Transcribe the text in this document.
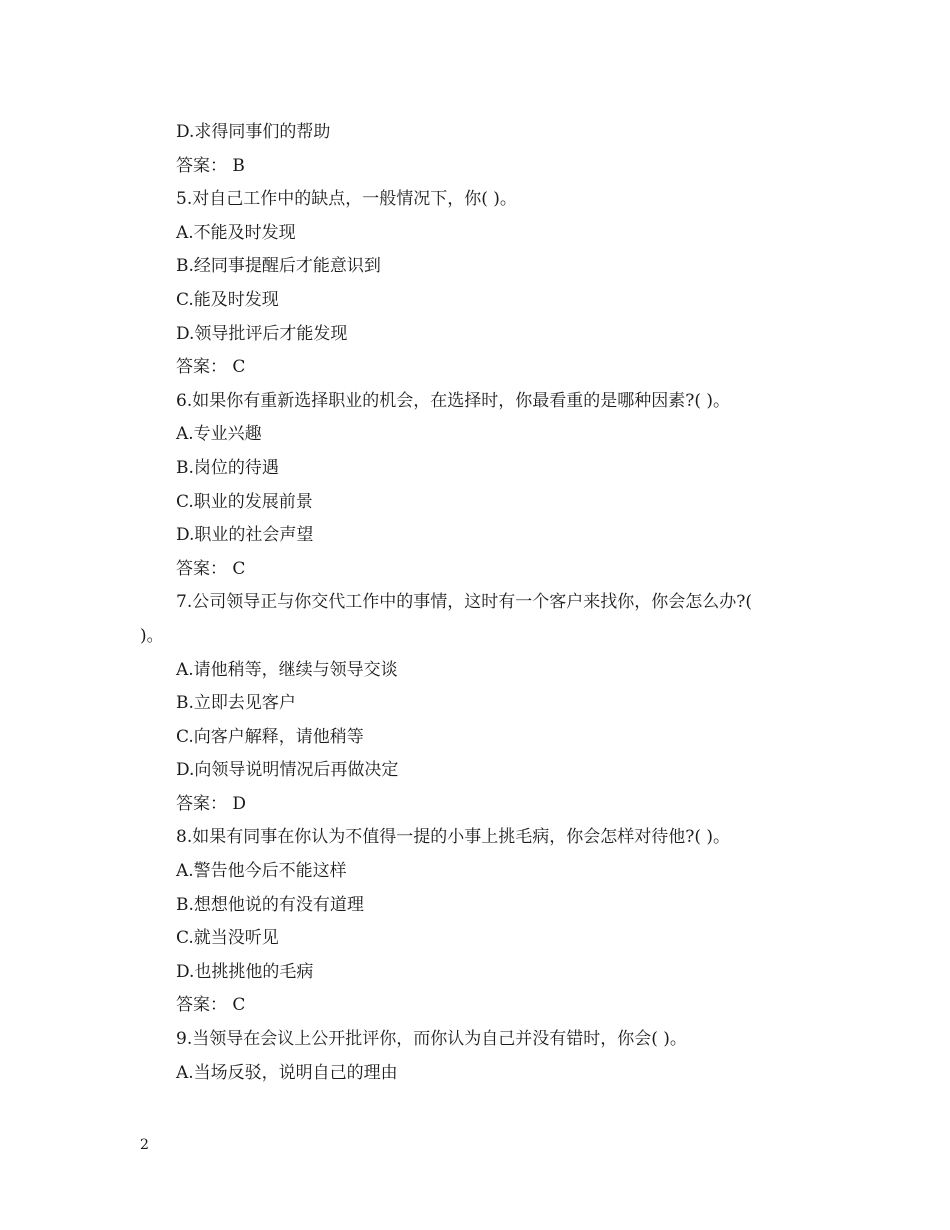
D.求得同事们的帮助
答案： B
5.对自己工作中的缺点，一般情况下，你( )。
A.不能及时发现
B.经同事提醒后才能意识到
C.能及时发现
D.领导批评后才能发现
答案： C
6.如果你有重新选择职业的机会，在选择时，你最看重的是哪种因素?( )。
A.专业兴趣
B.岗位的待遇
C.职业的发展前景
D.职业的社会声望
答案： C
7.公司领导正与你交代工作中的事情，这时有一个客户来找你，你会怎么办?(
)。
A.请他稍等，继续与领导交谈
B.立即去见客户
C.向客户解释，请他稍等
D.向领导说明情况后再做决定
答案： D
8.如果有同事在你认为不值得一提的小事上挑毛病，你会怎样对待他?( )。
A.警告他今后不能这样
B.想想他说的有没有道理
C.就当没听见
D.也挑挑他的毛病
答案： C
9.当领导在会议上公开批评你，而你认为自己并没有错时，你会( )。
A.当场反驳，说明自己的理由
2
